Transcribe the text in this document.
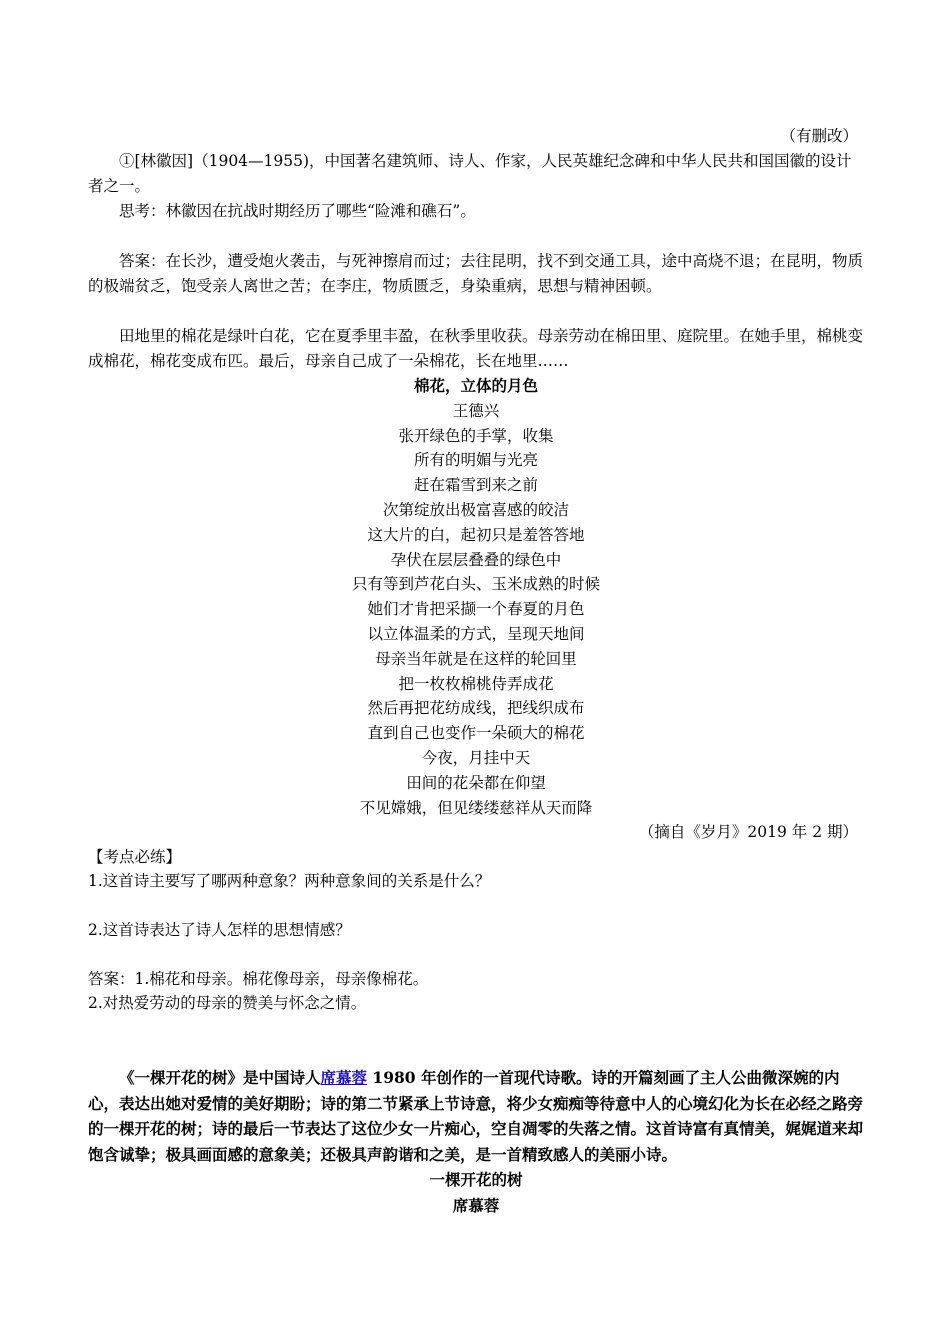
（有删改）

①[林徽因]（1904—1955)，中国著名建筑师、诗人、作家，人民英雄纪念碑和中华人民共和国国徽的设计者之一。

思考：林徽因在抗战时期经历了哪些“险滩和礁石”。

答案：在长沙，遭受炮火袭击，与死神擦肩而过；去往昆明，找不到交通工具，途中高烧不退；在昆明，物质的极端贫乏，饱受亲人离世之苦；在李庄，物质匮乏，身染重病，思想与精神困顿。

田地里的棉花是绿叶白花，它在夏季里丰盈，在秋季里收获。母亲劳动在棉田里、庭院里。在她手里，棉桃变成棉花，棉花变成布匹。最后，母亲自己成了一朵棉花，长在地里……

棉花，立体的月色

王德兴

张开绿色的手掌，收集

所有的明媚与光亮

赶在霜雪到来之前

次第绽放出极富喜感的皎洁

这大片的白，起初只是羞答答地

孕伏在层层叠叠的绿色中

只有等到芦花白头、玉米成熟的时候

她们才肯把采撷一个春夏的月色

以立体温柔的方式，呈现天地间

母亲当年就是在这样的轮回里

把一枚枚棉桃侍弄成花

然后再把花纺成线，把线织成布

直到自己也变作一朵硕大的棉花

今夜，月挂中天

田间的花朵都在仰望

不见嫦娥，但见缕缕慈祥从天而降

（摘自《岁月》2019 年 2 期）

【考点必练】

1.这首诗主要写了哪两种意象？两种意象间的关系是什么？

2.这首诗表达了诗人怎样的思想情感？

答案：1.棉花和母亲。棉花像母亲，母亲像棉花。

2.对热爱劳动的母亲的赞美与怀念之情。

《一棵开花的树》是中国诗人席慕蓉 1980 年创作的一首现代诗歌。诗的开篇刻画了主人公曲微深婉的内心，表达出她对爱情的美好期盼；诗的第二节紧承上节诗意，将少女痴痴等待意中人的心境幻化为长在必经之路旁的一棵开花的树；诗的最后一节表达了这位少女一片痴心，空自凋零的失落之情。这首诗富有真情美，娓娓道来却饱含诚挚；极具画面感的意象美；还极具声韵谐和之美，是一首精致感人的美丽小诗。

一棵开花的树

席慕蓉
